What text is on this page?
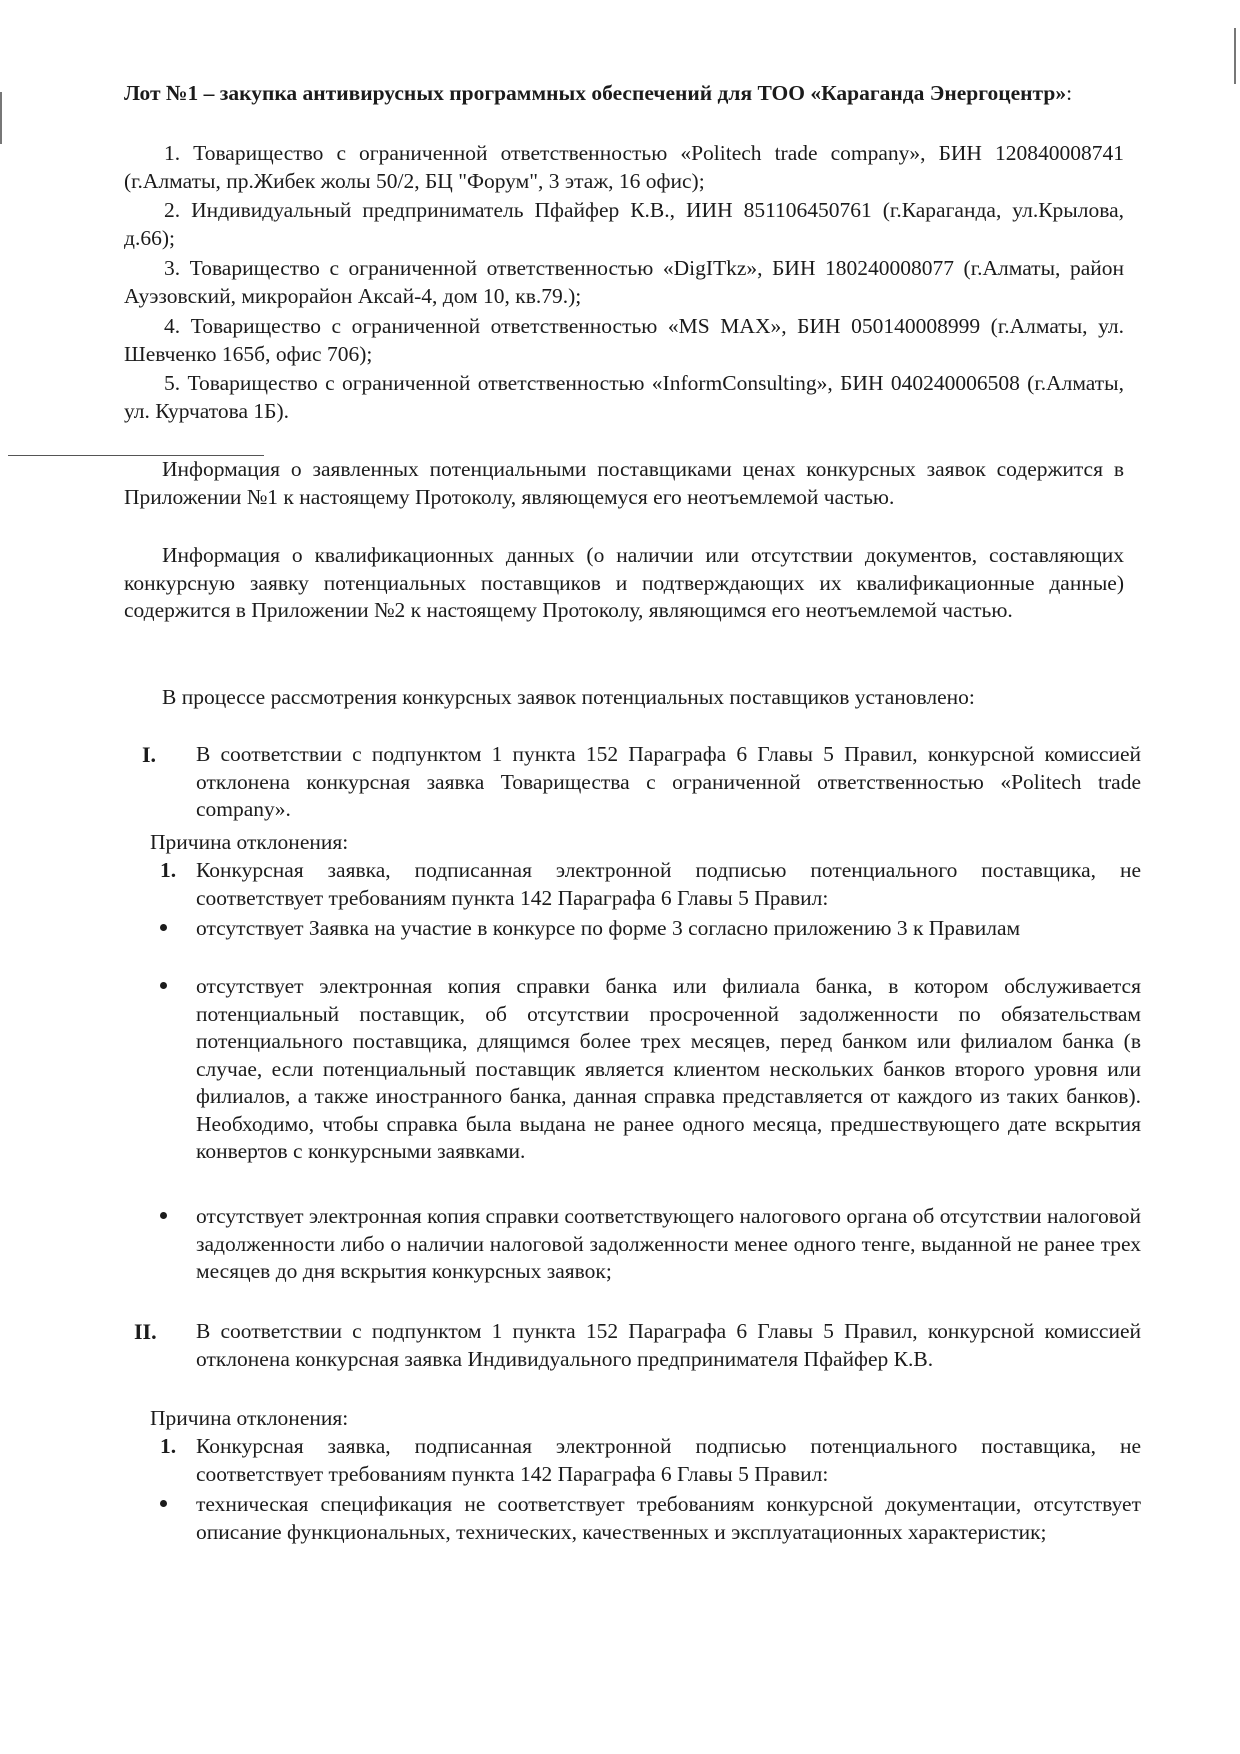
Лот №1 – закупка антивирусных программных обеспечений для ТОО «Караганда Энергоцентр»:

1. Товарищество с ограниченной ответственностью «Politech trade company», БИН 120840008741 (г.Алматы, пр.Жибек жолы 50/2, БЦ "Форум", 3 этаж, 16 офис);

2. Индивидуальный предприниматель Пфайфер К.В., ИИН 851106450761 (г.Караганда, ул.Крылова, д.66);

3. Товарищество с ограниченной ответственностью «DigITkz», БИН 180240008077 (г.Алматы, район Ауэзовский, микрорайон Аксай-4, дом 10, кв.79.);

4. Товарищество с ограниченной ответственностью «MS MAX», БИН 050140008999 (г.Алматы, ул. Шевченко 165б, офис 706);

5. Товарищество с ограниченной ответственностью «InformConsulting», БИН 040240006508 (г.Алматы, ул. Курчатова 1Б).

Информация о заявленных потенциальными поставщиками ценах конкурсных заявок содержится в Приложении №1 к настоящему Протоколу, являющемуся его неотъемлемой частью.

Информация о квалификационных данных (о наличии или отсутствии документов, составляющих конкурсную заявку потенциальных поставщиков и подтверждающих их квалификационные данные) содержится в Приложении №2 к настоящему Протоколу, являющимся его неотъемлемой частью.

В процессе рассмотрения конкурсных заявок потенциальных поставщиков установлено:

I. В соответствии с подпунктом 1 пункта 152 Параграфа 6 Главы 5 Правил, конкурсной комиссией отклонена конкурсная заявка Товарищества с ограниченной ответственностью «Politech trade company».

Причина отклонения:

1. Конкурсная заявка, подписанная электронной подписью потенциального поставщика, не соответствует требованиям пункта 142 Параграфа 6 Главы 5 Правил:

отсутствует Заявка на участие в конкурсе по форме 3 согласно приложению 3 к Правилам

отсутствует электронная копия справки банка или филиала банка, в котором обслуживается потенциальный поставщик, об отсутствии просроченной задолженности по обязательствам потенциального поставщика, длящимся более трех месяцев, перед банком или филиалом банка (в случае, если потенциальный поставщик является клиентом нескольких банков второго уровня или филиалов, а также иностранного банка, данная справка представляется от каждого из таких банков). Необходимо, чтобы справка была выдана не ранее одного месяца, предшествующего дате вскрытия конвертов с конкурсными заявками.

отсутствует электронная копия справки соответствующего налогового органа об отсутствии налоговой задолженности либо о наличии налоговой задолженности менее одного тенге, выданной не ранее трех месяцев до дня вскрытия конкурсных заявок;

II. В соответствии с подпунктом 1 пункта 152 Параграфа 6 Главы 5 Правил, конкурсной комиссией отклонена конкурсная заявка Индивидуального предпринимателя Пфайфер К.В.

Причина отклонения:

1. Конкурсная заявка, подписанная электронной подписью потенциального поставщика, не соответствует требованиям пункта 142 Параграфа 6 Главы 5 Правил:

техническая спецификация не соответствует требованиям конкурсной документации, отсутствует описание функциональных, технических, качественных и эксплуатационных характеристик;
